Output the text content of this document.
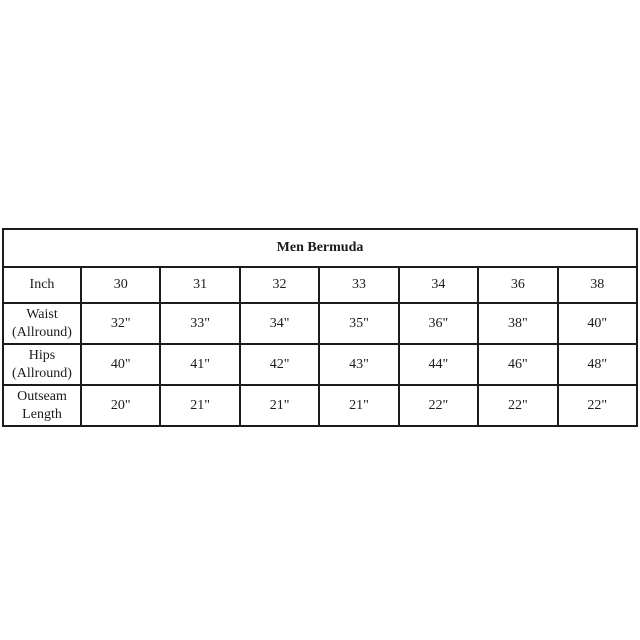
Men Bermuda							
Inch	30	31	32	33	34	36	38
Waist (Allround)	32"	33"	34"	35"	36"	38"	40"
Hips (Allround)	40"	41"	42"	43"	44"	46"	48"
Outseam Length	20"	21"	21"	21"	22"	22"	22"
